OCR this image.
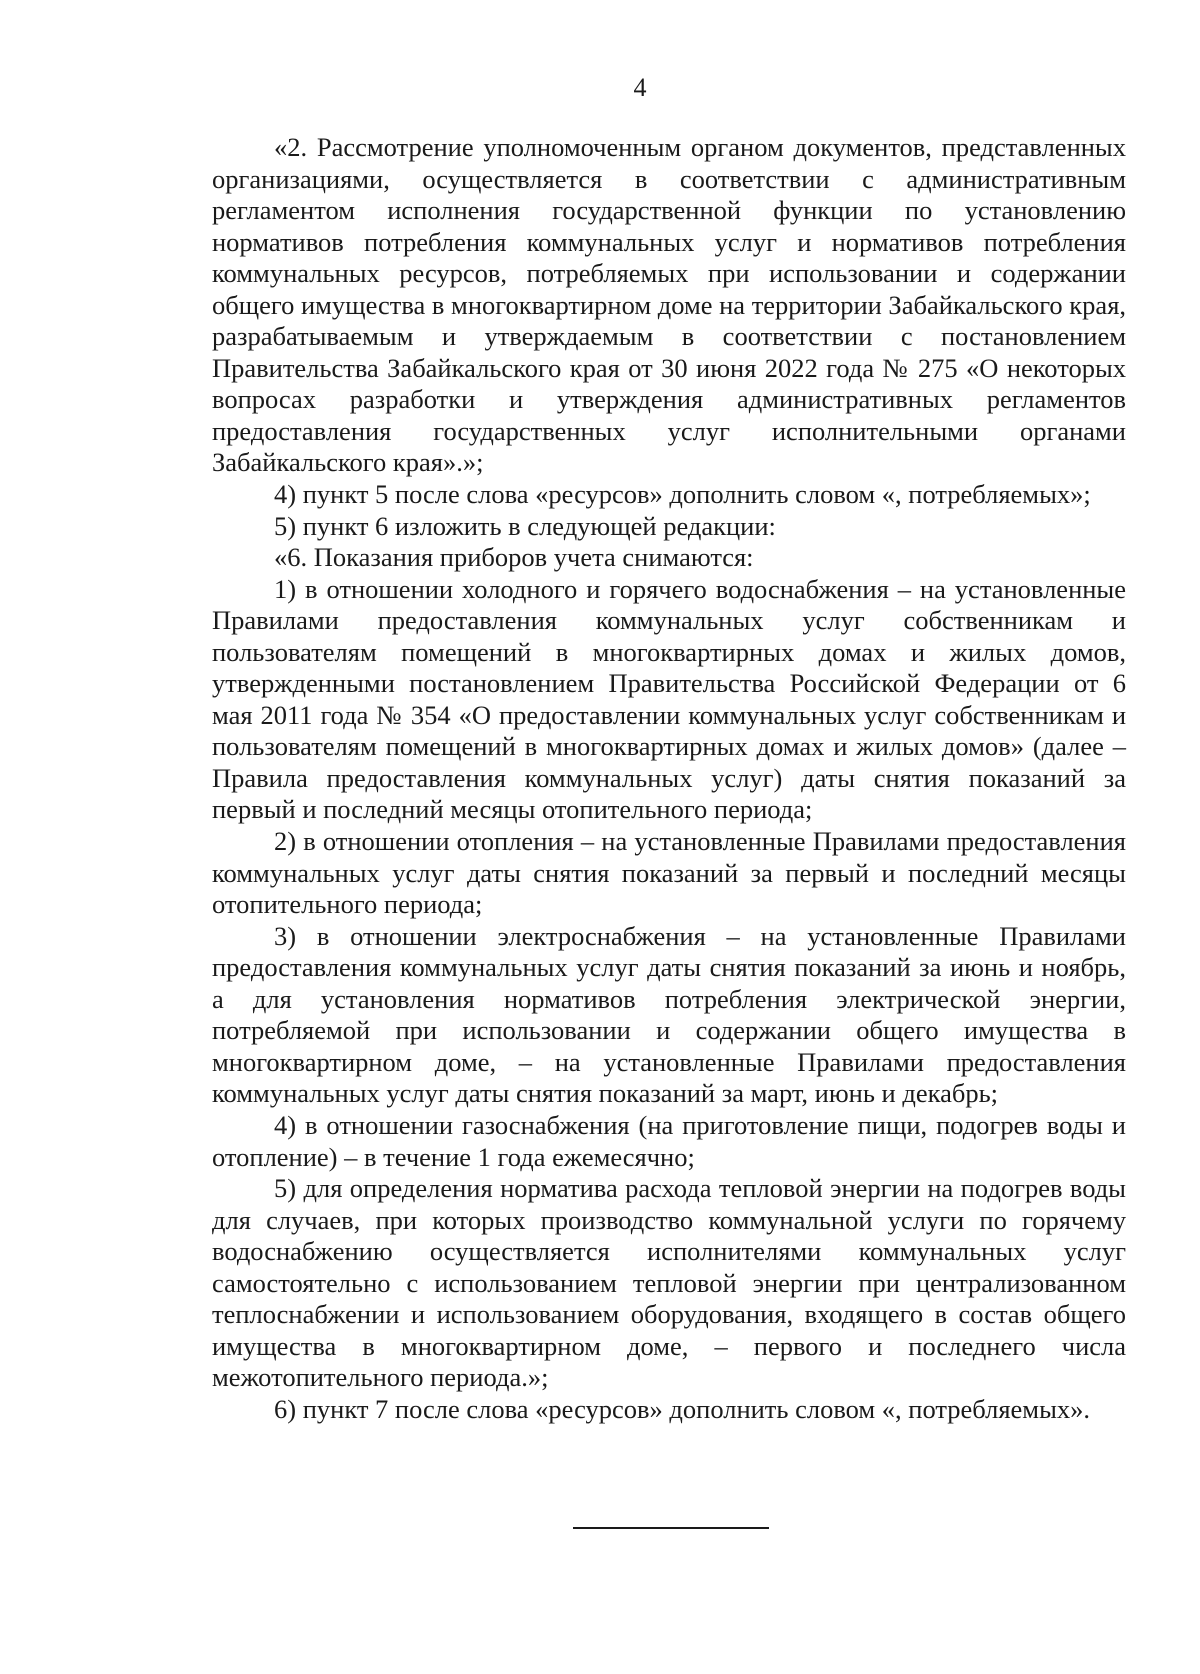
4

«2. Рассмотрение уполномоченным органом документов, представленных организациями, осуществляется в соответствии с административным регламентом исполнения государственной функции по установлению нормативов потребления коммунальных услуг и нормативов потребления коммунальных ресурсов, потребляемых при использовании и содержании общего имущества в многоквартирном доме на территории Забайкальского края, разрабатываемым и утверждаемым в соответствии с постановлением Правительства Забайкальского края от 30 июня 2022 года № 275 «О некоторых вопросах разработки и утверждения административных регламентов предоставления государственных услуг исполнительными органами Забайкальского края».»;

4) пункт 5 после слова «ресурсов» дополнить словом «, потребляемых»;

5) пункт 6 изложить в следующей редакции:

«6. Показания приборов учета снимаются:

1) в отношении холодного и горячего водоснабжения – на установленные Правилами предоставления коммунальных услуг собственникам и пользователям помещений в многоквартирных домах и жилых домов, утвержденными постановлением Правительства Российской Федерации от 6 мая 2011 года № 354 «О предоставлении коммунальных услуг собственникам и пользователям помещений в многоквартирных домах и жилых домов» (далее – Правила предоставления коммунальных услуг) даты снятия показаний за первый и последний месяцы отопительного периода;

2) в отношении отопления – на установленные Правилами предоставления коммунальных услуг даты снятия показаний за первый и последний месяцы отопительного периода;

3) в отношении электроснабжения – на установленные Правилами предоставления коммунальных услуг даты снятия показаний за июнь и ноябрь, а для установления нормативов потребления электрической энергии, потребляемой при использовании и содержании общего имущества в многоквартирном доме, – на установленные Правилами предоставления коммунальных услуг даты снятия показаний за март, июнь и декабрь;

4) в отношении газоснабжения (на приготовление пищи, подогрев воды и отопление) – в течение 1 года ежемесячно;

5) для определения норматива расхода тепловой энергии на подогрев воды для случаев, при которых производство коммунальной услуги по горячему водоснабжению осуществляется исполнителями коммунальных услуг самостоятельно с использованием тепловой энергии при централизованном теплоснабжении и использованием оборудования, входящего в состав общего имущества в многоквартирном доме, – первого и последнего числа межотопительного периода.»;

6) пункт 7 после слова «ресурсов» дополнить словом «, потребляемых».
